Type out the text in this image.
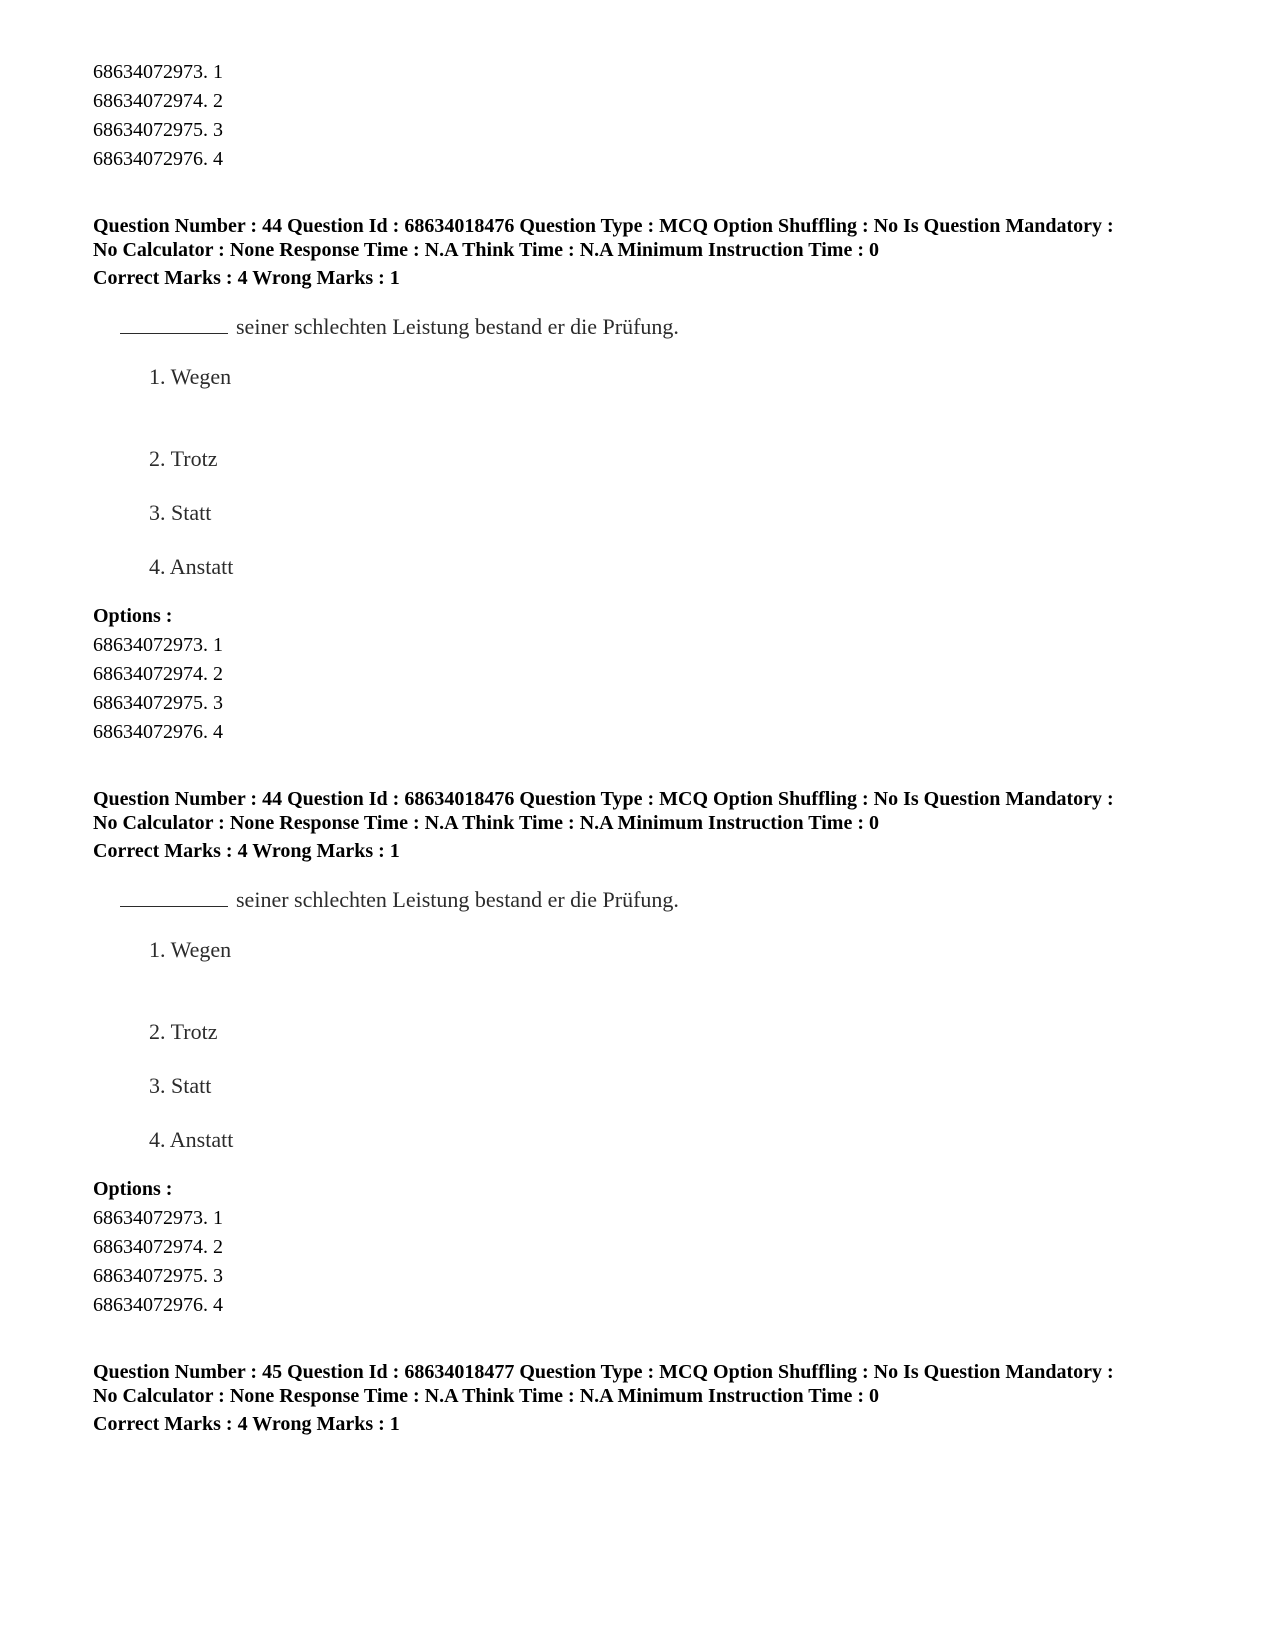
68634072973. 1
68634072974. 2
68634072975. 3
68634072976. 4
Question Number : 44 Question Id : 68634018476 Question Type : MCQ Option Shuffling : No Is Question Mandatory :
No Calculator : None Response Time : N.A Think Time : N.A Minimum Instruction Time : 0
Correct Marks : 4 Wrong Marks : 1
seiner schlechten Leistung bestand er die Prüfung.
1. Wegen
2. Trotz
3. Statt
4. Anstatt
Options :
68634072973. 1
68634072974. 2
68634072975. 3
68634072976. 4
Question Number : 44 Question Id : 68634018476 Question Type : MCQ Option Shuffling : No Is Question Mandatory :
No Calculator : None Response Time : N.A Think Time : N.A Minimum Instruction Time : 0
Correct Marks : 4 Wrong Marks : 1
seiner schlechten Leistung bestand er die Prüfung.
1. Wegen
2. Trotz
3. Statt
4. Anstatt
Options :
68634072973. 1
68634072974. 2
68634072975. 3
68634072976. 4
Question Number : 45 Question Id : 68634018477 Question Type : MCQ Option Shuffling : No Is Question Mandatory :
No Calculator : None Response Time : N.A Think Time : N.A Minimum Instruction Time : 0
Correct Marks : 4 Wrong Marks : 1
